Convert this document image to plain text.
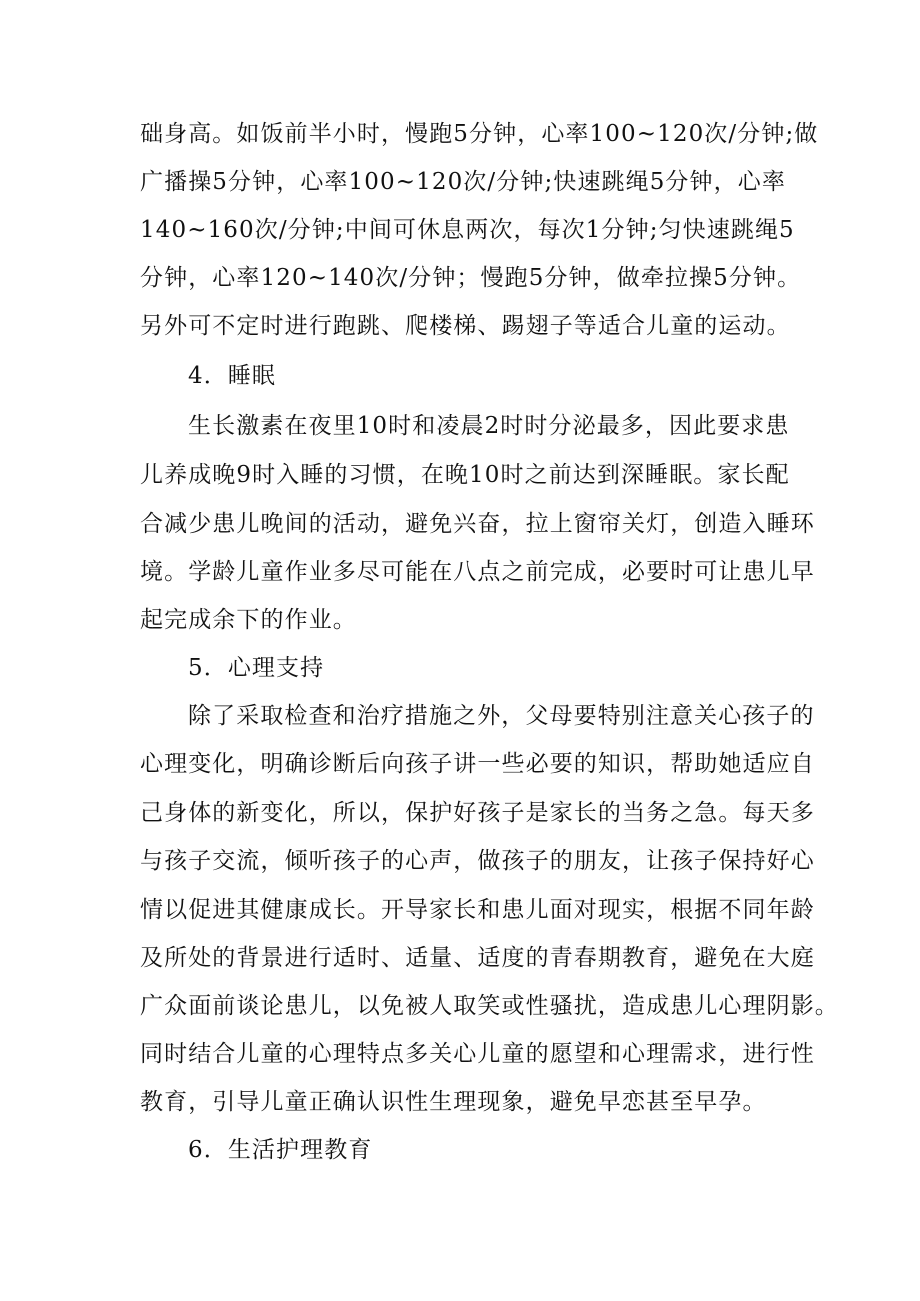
础身高。如饭前半小时，慢跑5分钟，心率100~120次/分钟;做
广播操5分钟，心率100~120次/分钟;快速跳绳5分钟，心率
140~160次/分钟;中间可休息两次，每次1分钟;匀快速跳绳5
分钟，心率120~140次/分钟；慢跑5分钟，做牵拉操5分钟。
另外可不定时进行跑跳、爬楼梯、踢翅子等适合儿童的运动。
4．睡眠
生长激素在夜里10时和凌晨2时时分泌最多，因此要求患
儿养成晚9时入睡的习惯，在晚10时之前达到深睡眠。家长配
合减少患儿晚间的活动，避免兴奋，拉上窗帘关灯，创造入睡环
境。学龄儿童作业多尽可能在八点之前完成，必要时可让患儿早
起完成余下的作业。
5．心理支持
除了采取检查和治疗措施之外，父母要特别注意关心孩子的
心理变化，明确诊断后向孩子讲一些必要的知识，帮助她适应自
己身体的新变化，所以，保护好孩子是家长的当务之急。每天多
与孩子交流，倾听孩子的心声，做孩子的朋友，让孩子保持好心
情以促进其健康成长。开导家长和患儿面对现实，根据不同年龄
及所处的背景进行适时、适量、适度的青春期教育，避免在大庭
广众面前谈论患儿，以免被人取笑或性骚扰，造成患儿心理阴影。
同时结合儿童的心理特点多关心儿童的愿望和心理需求，进行性
教育，引导儿童正确认识性生理现象，避免早恋甚至早孕。
6．生活护理教育
